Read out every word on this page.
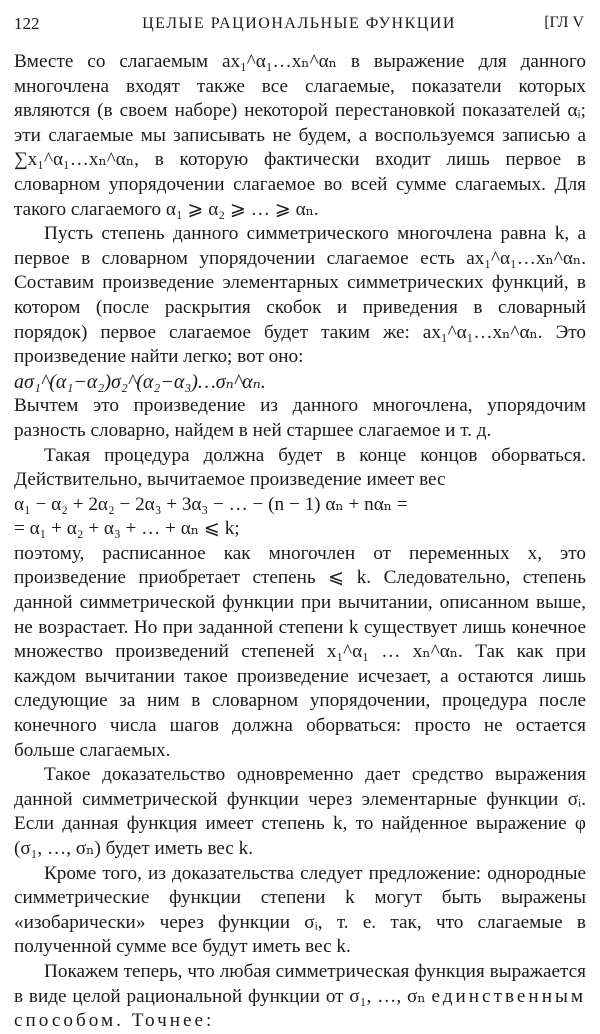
122	ЦЕЛЫЕ РАЦИОНАЛЬНЫЕ ФУНКЦИИ	[ГЛ V

Вместе со слагаемым ax₁^α₁…xₙ^αₙ в выражение для данного многочлена входят также все слагаемые, показатели которых являются (в своем наборе) некоторой перестановкой показателей αᵢ; эти слагаемые мы записывать не будем, а воспользуемся записью a ∑x₁^α₁…xₙ^αₙ, в которую фактически входит лишь первое в словарном упорядочении слагаемое во всей сумме слагаемых. Для такого слагаемого α₁ ⩾ α₂ ⩾ … ⩾ αₙ.

Пусть степень данного симметрического многочлена равна k, а первое в словарном упорядочении слагаемое есть ax₁^α₁…xₙ^αₙ. Составим произведение элементарных симметрических функций, в котором (после раскрытия скобок и приведения в словарный порядок) первое слагаемое будет таким же: ax₁^α₁…xₙ^αₙ. Это произведение найти легко; вот оно:

aσ₁^(α₁−α₂)σ₂^(α₂−α₃)…σₙ^αₙ.

Вычтем это произведение из данного многочлена, упорядочим разность словарно, найдем в ней старшее слагаемое и т. д.

Такая процедура должна будет в конце концов оборваться. Действительно, вычитаемое произведение имеет вес

α₁ − α₂ + 2α₂ − 2α₃ + 3α₃ − … − (n − 1) αₙ + nαₙ =

= α₁ + α₂ + α₃ + … + αₙ ⩽ k;

поэтому, расписанное как многочлен от переменных x, это произведение приобретает степень ⩽ k. Следовательно, степень данной симметрической функции при вычитании, описанном выше, не возрастает. Но при заданной степени k существует лишь конечное множество произведений степеней x₁^α₁ … xₙ^αₙ. Так как при каждом вычитании такое произведение исчезает, а остаются лишь следующие за ним в словарном упорядочении, процедура после конечного числа шагов должна оборваться: просто не остается больше слагаемых.

Такое доказательство одновременно дает средство выражения данной симметрической функции через элементарные функции σᵢ. Если данная функция имеет степень k, то найденное выражение φ (σ₁, …, σₙ) будет иметь вес k.

Кроме того, из доказательства следует предложение: однородные симметрические функции степени k могут быть выражены «изобарически» через функции σᵢ, т. е. так, что слагаемые в полученной сумме все будут иметь вес k.

Покажем теперь, что любая симметрическая функция выражается в виде целой рациональной функции от σ₁, …, σₙ единственным способом. Точнее:
